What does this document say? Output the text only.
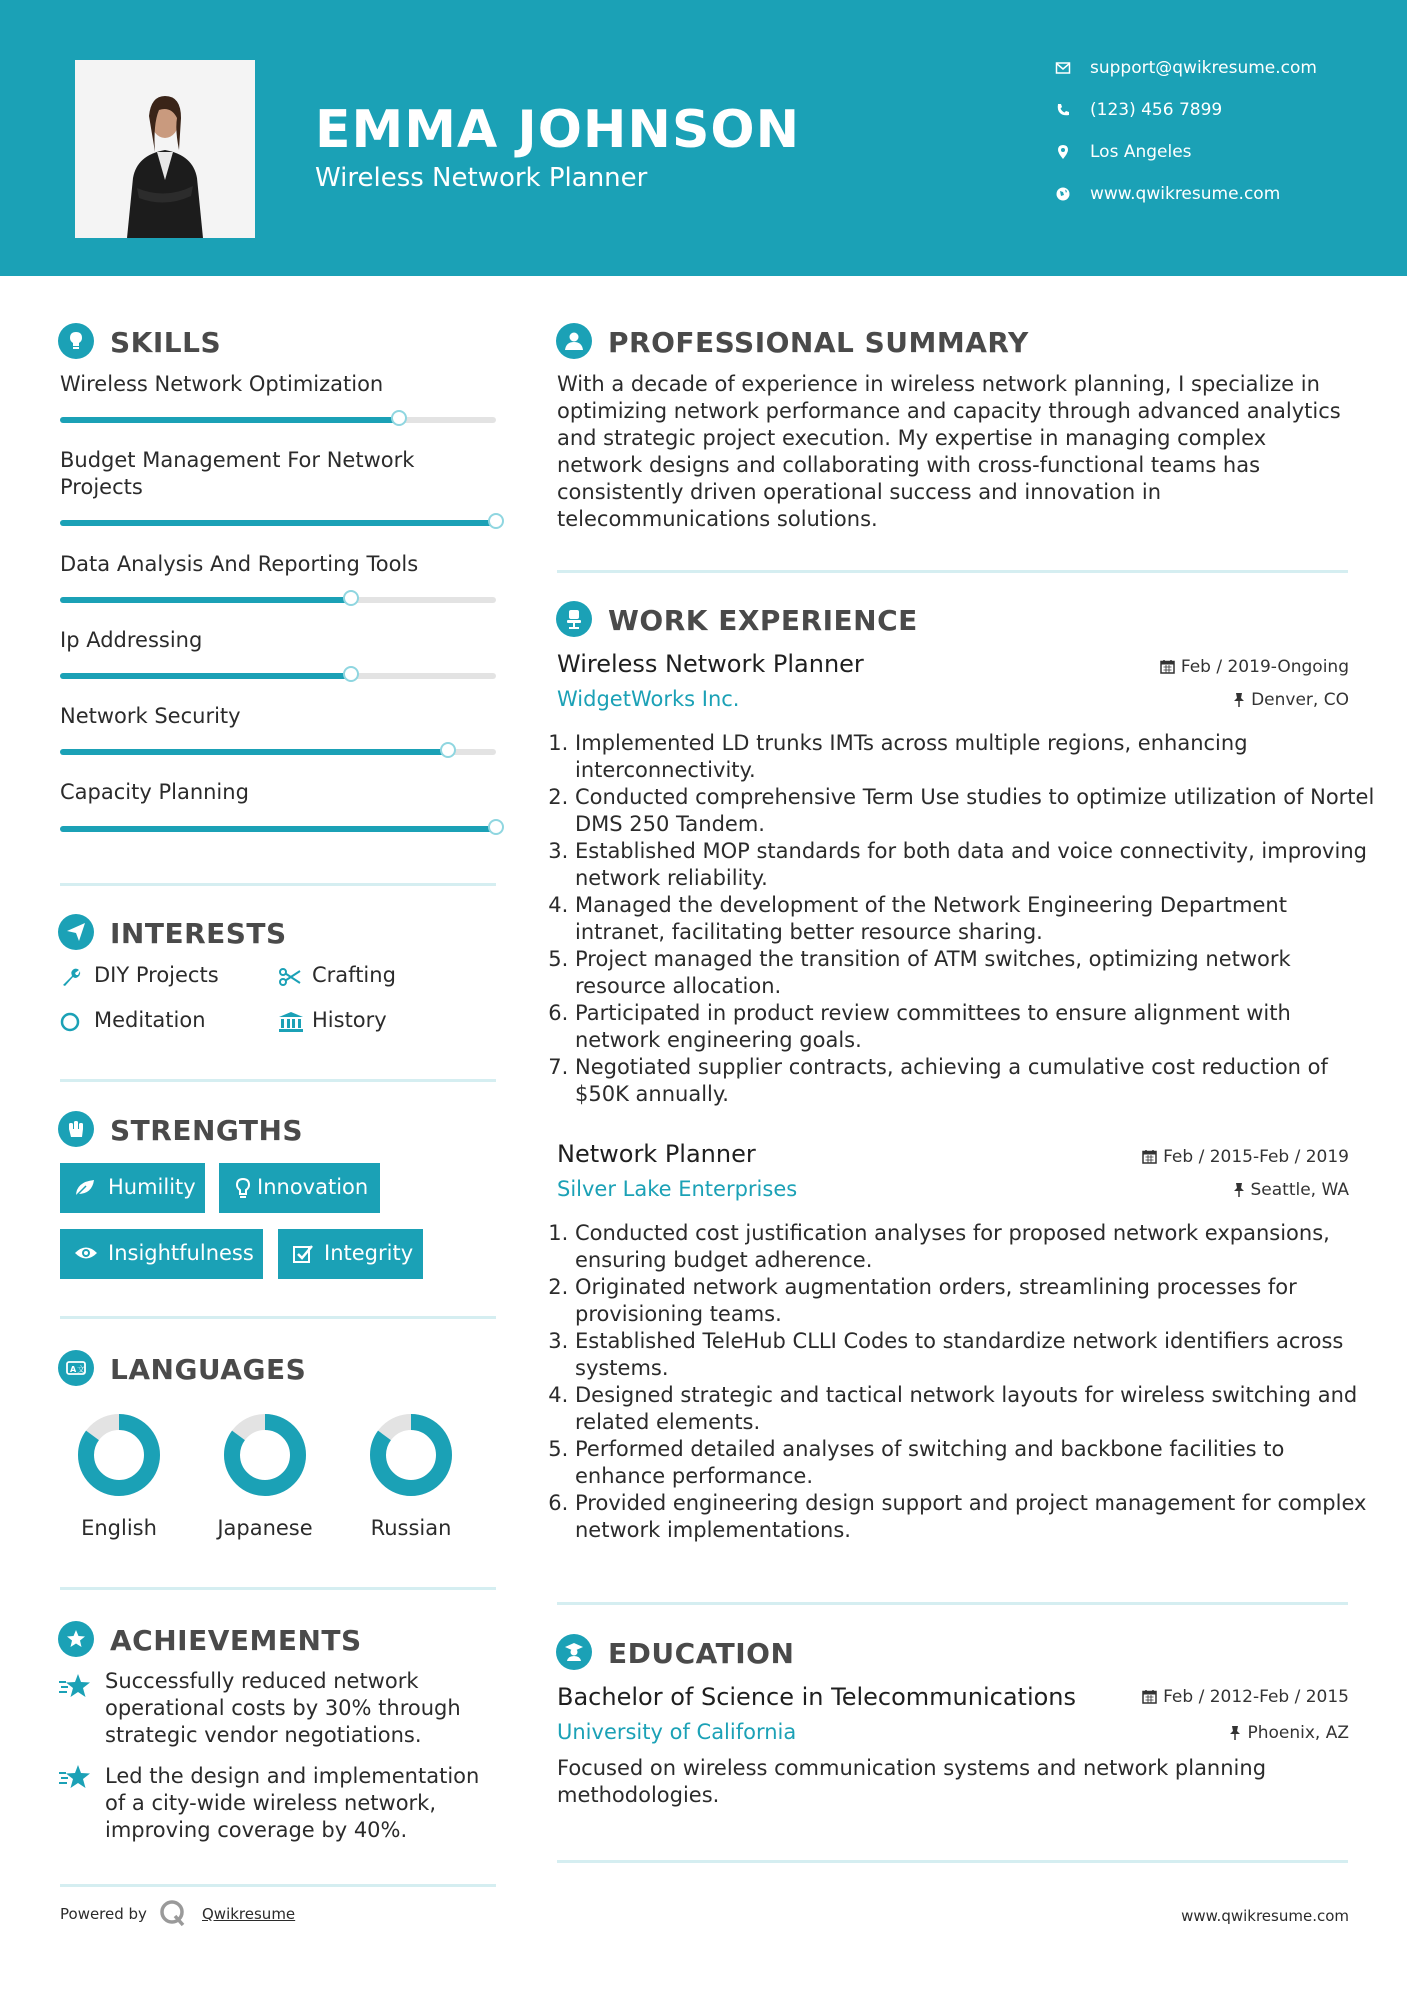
EMMA JOHNSON
Wireless Network Planner
support@qwikresume.com
(123) 456 7899
Los Angeles
www.qwikresume.com
SKILLS
Wireless Network Optimization
Budget Management For Network Projects
Data Analysis And Reporting Tools
Ip Addressing
Network Security
Capacity Planning
INTERESTS
DIY Projects	Crafting
Meditation	History
STRENGTHS
Humility	Innovation
Insightfulness	Integrity
A 文 LANGUAGES
English	Japanese	Russian
ACHIEVEMENTS
Successfully reduced network operational costs by 30% through strategic vendor negotiations.
Led the design and implementation of a city-wide wireless network, improving coverage by 40%.
PROFESSIONAL SUMMARY
With a decade of experience in wireless network planning, I specialize in optimizing network performance and capacity through advanced analytics and strategic project execution. My expertise in managing complex network designs and collaborating with cross-functional teams has consistently driven operational success and innovation in telecommunications solutions.
WORK EXPERIENCE
Wireless Network Planner	Feb / 2019-Ongoing
WidgetWorks Inc.	Denver, CO
1. Implemented LD trunks IMTs across multiple regions, enhancing interconnectivity.
2. Conducted comprehensive Term Use studies to optimize utilization of Nortel DMS 250 Tandem.
3. Established MOP standards for both data and voice connectivity, improving network reliability.
4. Managed the development of the Network Engineering Department intranet, facilitating better resource sharing.
5. Project managed the transition of ATM switches, optimizing network resource allocation.
6. Participated in product review committees to ensure alignment with network engineering goals.
7. Negotiated supplier contracts, achieving a cumulative cost reduction of $50K annually.
Network Planner	Feb / 2015-Feb / 2019
Silver Lake Enterprises	Seattle, WA
1. Conducted cost justification analyses for proposed network expansions, ensuring budget adherence.
2. Originated network augmentation orders, streamlining processes for provisioning teams.
3. Established TeleHub CLLI Codes to standardize network identifiers across systems.
4. Designed strategic and tactical network layouts for wireless switching and related elements.
5. Performed detailed analyses of switching and backbone facilities to enhance performance.
6. Provided engineering design support and project management for complex network implementations.
EDUCATION
Bachelor of Science in Telecommunications	Feb / 2012-Feb / 2015
University of California	Phoenix, AZ
Focused on wireless communication systems and network planning methodologies.
Powered by	Qwikresume	www.qwikresume.com
